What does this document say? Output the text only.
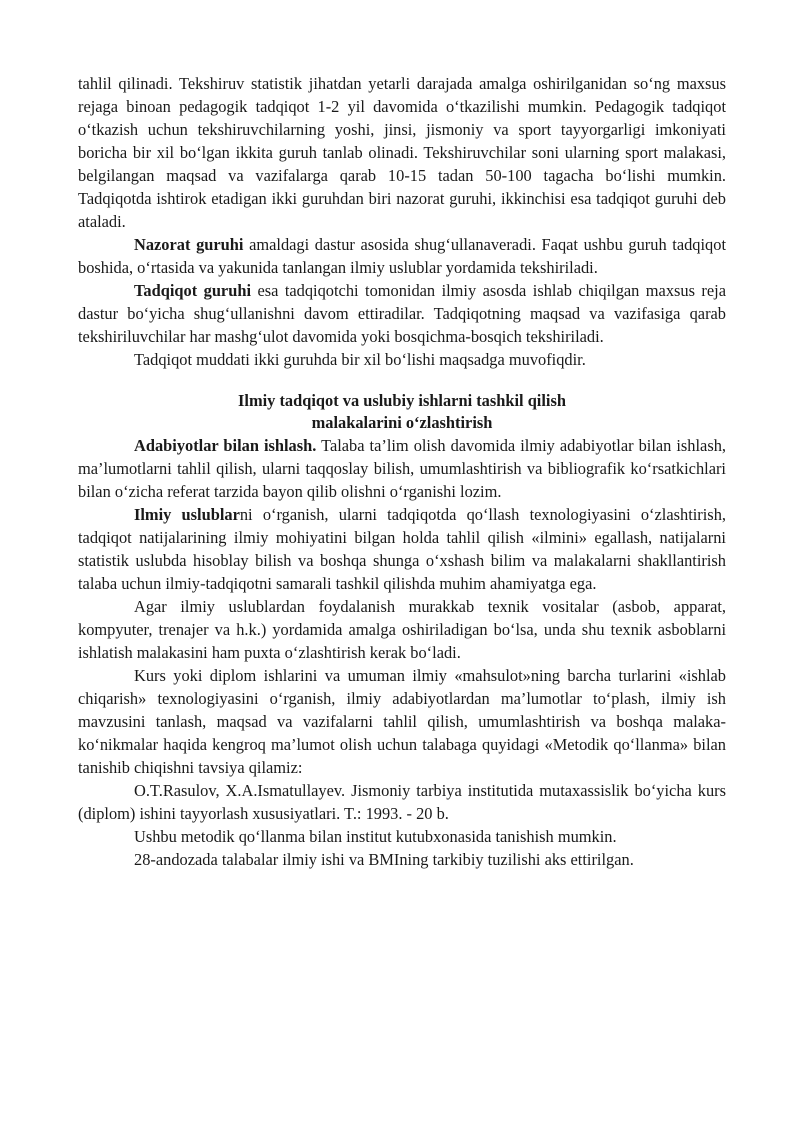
tahlil qilinadi. Tekshiruv statistik jihatdan yetarli darajada amalga oshirilganidan so‘ng maxsus rejaga binoan pedagogik tadqiqot 1-2 yil davomida o‘tkazilishi mumkin. Pedagogik tadqiqot o‘tkazish uchun tekshiruvchilarning yoshi, jinsi, jismoniy va sport tayyorgarligi imkoniyati boricha bir xil bo‘lgan ikkita guruh tanlab olinadi. Tekshiruvchilar soni ularning sport malakasi, belgilangan maqsad va vazifalarga qarab 10-15 tadan 50-100 tagacha bo‘lishi mumkin. Tadqiqotda ishtirok etadigan ikki guruhdan biri nazorat guruhi, ikkinchisi esa tadqiqot guruhi deb ataladi.

Nazorat guruhi amaldagi dastur asosida shug‘ullanaveradi. Faqat ushbu guruh tadqiqot boshida, o‘rtasida va yakunida tanlangan ilmiy uslublar yordamida tekshiriladi.

Tadqiqot guruhi esa tadqiqotchi tomonidan ilmiy asosda ishlab chiqilgan maxsus reja dastur bo‘yicha shug‘ullanishni davom ettiradilar. Tadqiqotning maqsad va vazifasiga qarab tekshiriluvchilar har mashg‘ulot davomida yoki bosqichma-bosqich tekshiriladi.

Tadqiqot muddati ikki guruhda bir xil bo‘lishi maqsadga muvofiqdir.

Ilmiy tadqiqot va uslubiy ishlarni tashkil qilish

malakalarini o‘zlashtirish

Adabiyotlar bilan ishlash. Talaba ta’lim olish davomida ilmiy adabiyotlar bilan ishlash, ma’lumotlarni tahlil qilish, ularni taqqoslay bilish, umumlashtirish va bibliografik ko‘rsatkichlari bilan o‘zicha referat tarzida bayon qilib olishni o‘rganishi lozim.

Ilmiy uslublarni o‘rganish, ularni tadqiqotda qo‘llash texnologiyasini o‘zlashtirish, tadqiqot natijalarining ilmiy mohiyatini bilgan holda tahlil qilish «ilmini» egallash, natijalarni statistik uslubda hisoblay bilish va boshqa shunga o‘xshash bilim va malakalarni shakllantirish talaba uchun ilmiy-tadqiqotni samarali tashkil qilishda muhim ahamiyatga ega.

Agar ilmiy uslublardan foydalanish murakkab texnik vositalar (asbob, apparat, kompyuter, trenajer va h.k.) yordamida amalga oshiriladigan bo‘lsa, unda shu texnik asboblarni ishlatish malakasini ham puxta o‘zlashtirish kerak bo‘ladi.

Kurs yoki diplom ishlarini va umuman ilmiy «mahsulot»ning barcha turlarini «ishlab chiqarish» texnologiyasini o‘rganish, ilmiy adabiyotlardan ma’lumotlar to‘plash, ilmiy ish mavzusini tanlash, maqsad va vazifalarni tahlil qilish, umumlashtirish va boshqa malaka-ko‘nikmalar haqida kengroq ma’lumot olish uchun talabaga quyidagi «Metodik qo‘llanma» bilan tanishib chiqishni tavsiya qilamiz:

O.T.Rasulov, X.A.Ismatullayev. Jismoniy tarbiya institutida mutaxassislik bo‘yicha kurs (diplom) ishini tayyorlash xususiyatlari. T.: 1993. - 20 b.

Ushbu metodik qo‘llanma bilan institut kutubxonasida tanishish mumkin.

28-andozada talabalar ilmiy ishi va BMIning tarkibiy tuzilishi aks ettirilgan.
